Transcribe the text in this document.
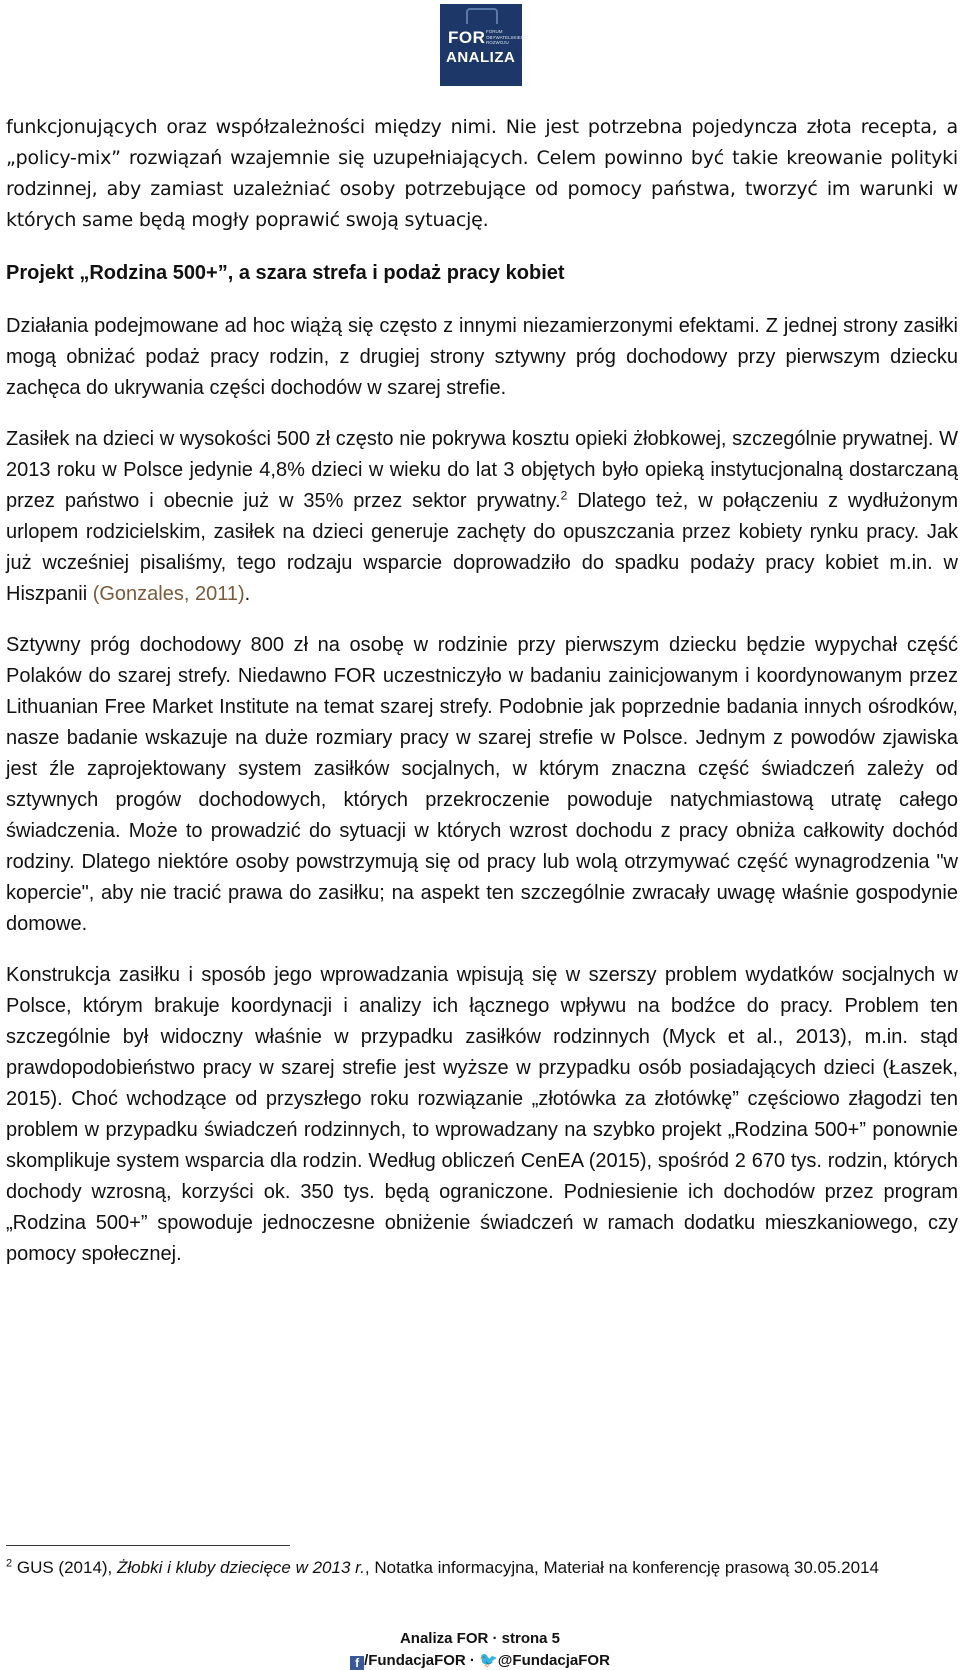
FOR FORUM OBYWATELSKIEGO ROZWOJU
ANALIZA

funkcjonujących oraz współzależności między nimi. Nie jest potrzebna pojedyncza złota recepta, a „policy-mix” rozwiązań wzajemnie się uzupełniających. Celem powinno być takie kreowanie polityki rodzinnej, aby zamiast uzależniać osoby potrzebujące od pomocy państwa, tworzyć im warunki w których same będą mogły poprawić swoją sytuację.

Projekt „Rodzina 500+”, a szara strefa i podaż pracy kobiet

Działania podejmowane ad hoc wiążą się często z innymi niezamierzonymi efektami. Z jednej strony zasiłki mogą obniżać podaż pracy rodzin, z drugiej strony sztywny próg dochodowy przy pierwszym dziecku zachęca do ukrywania części dochodów w szarej strefie.

Zasiłek na dzieci w wysokości 500 zł często nie pokrywa kosztu opieki żłobkowej, szczególnie prywatnej. W 2013 roku w Polsce jedynie 4,8% dzieci w wieku do lat 3 objętych było opieką instytucjonalną dostarczaną przez państwo i obecnie już w 35% przez sektor prywatny.$^2$ Dlatego też, w połączeniu z wydłużonym urlopem rodzicielskim, zasiłek na dzieci generuje zachęty do opuszczania przez kobiety rynku pracy. Jak już wcześniej pisaliśmy, tego rodzaju wsparcie doprowadziło do spadku podaży pracy kobiet m.in. w Hiszpanii (Gonzales, 2011).

Sztywny próg dochodowy 800 zł na osobę w rodzinie przy pierwszym dziecku będzie wypychał część Polaków do szarej strefy. Niedawno FOR uczestniczyło w badaniu zainicjowanym i koordynowanym przez Lithuanian Free Market Institute na temat szarej strefy. Podobnie jak poprzednie badania innych ośrodków, nasze badanie wskazuje na duże rozmiary pracy w szarej strefie w Polsce. Jednym z powodów zjawiska jest źle zaprojektowany system zasiłków socjalnych, w którym znaczna część świadczeń zależy od sztywnych progów dochodowych, których przekroczenie powoduje natychmiastową utratę całego świadczenia. Może to prowadzić do sytuacji w których wzrost dochodu z pracy obniża całkowity dochód rodziny. Dlatego niektóre osoby powstrzymują się od pracy lub wolą otrzymywać część wynagrodzenia "w kopercie", aby nie tracić prawa do zasiłku; na aspekt ten szczególnie zwracały uwagę właśnie gospodynie domowe.

Konstrukcja zasiłku i sposób jego wprowadzania wpisują się w szerszy problem wydatków socjalnych w Polsce, którym brakuje koordynacji i analizy ich łącznego wpływu na bodźce do pracy. Problem ten szczególnie był widoczny właśnie w przypadku zasiłków rodzinnych (Myck et al., 2013), m.in. stąd prawdopodobieństwo pracy w szarej strefie jest wyższe w przypadku osób posiadających dzieci (Łaszek, 2015). Choć wchodzące od przyszłego roku rozwiązanie „złotówka za złotówkę” częściowo złagodzi ten problem w przypadku świadczeń rodzinnych, to wprowadzany na szybko projekt „Rodzina 500+” ponownie skomplikuje system wsparcia dla rodzin. Według obliczeń CenEA (2015), spośród 2 670 tys. rodzin, których dochody wzrosną, korzyści ok. 350 tys. będą ograniczone. Podniesienie ich dochodów przez program „Rodzina 500+” spowoduje jednoczesne obniżenie świadczeń w ramach dodatku mieszkaniowego, czy pomocy społecznej.

$^2$ GUS (2014), Żłobki i kluby dziecięce w 2013 r., Notatka informacyjna, Materiał na konferencję prasową 30.05.2014
Analiza FOR · strona 5
f /FundacjaFOR · 🐦@FundacjaFOR
